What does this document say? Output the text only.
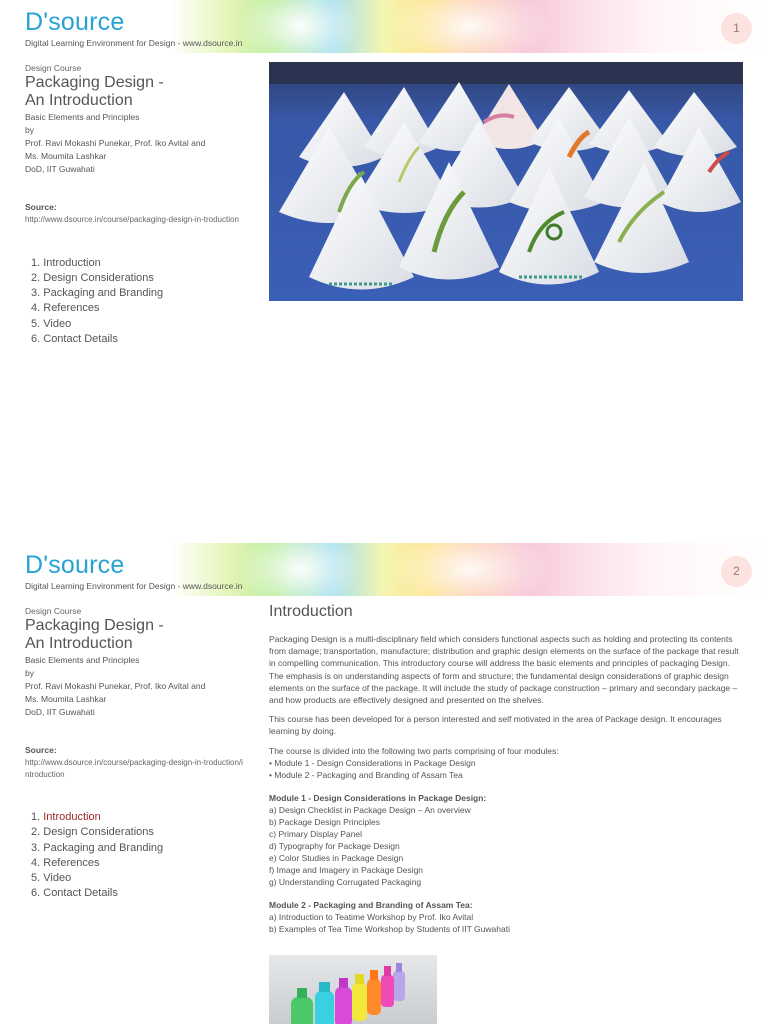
D'source
Digital Learning Environment for Design - www.dsource.in
1
Design Course
Packaging Design -
An Introduction
Basic Elements and Principles
by
Prof. Ravi Mokashi Punekar, Prof. Iko Avital and
Ms. Moumita Lashkar
DoD, IIT Guwahati
Source:
http://www.dsource.in/course/packaging-design-in-troduction
1. Introduction
2. Design Considerations
3. Packaging and Branding
4. References
5. Video
6. Contact Details
D'source
Digital Learning Environment for Design - www.dsource.in
2
Design Course
Packaging Design -
An Introduction
Basic Elements and Principles
by
Prof. Ravi Mokashi Punekar, Prof. Iko Avital and
Ms. Moumita Lashkar
DoD, IIT Guwahati
Source:
http://www.dsource.in/course/packaging-design-in-troduction/introduction
1. Introduction
2. Design Considerations
3. Packaging and Branding
4. References
5. Video
6. Contact Details
Introduction

Packaging Design is a multi-disciplinary field which considers functional aspects such as holding and protecting its contents from damage; transportation, manufacture; distribution and graphic design elements on the surface of the package that result in compelling communication. This introductory course will address the basic elements and principles of packaging Design. The emphasis is on understanding aspects of form and structure; the fundamental design considerations of graphic design elements on the surface of the package. It will include the study of package construction – primary and secondary package – and how products are effectively designed and presented on the shelves.

This course has been developed for a person interested and self motivated in the area of Package design. It encourages learning by doing.

The course is divided into the following two parts comprising of four modules:
• Module 1 - Design Considerations in Package Design
• Module 2 - Packaging and Branding of Assam Tea
Module 1 - Design Considerations in Package Design:
a) Design Checklist in Package Design – An overview
b) Package Design Principles
c) Primary Display Panel
d) Typography for Package Design
e) Color Studies in Package Design
f) Image and Imagery in Package Design
g) Understanding Corrugated Packaging
Module 2 - Packaging and Branding of Assam Tea:
a) Introduction to Teatime Workshop by Prof. Iko Avital
b) Examples of Tea Time Workshop by Students of IIT Guwahati
